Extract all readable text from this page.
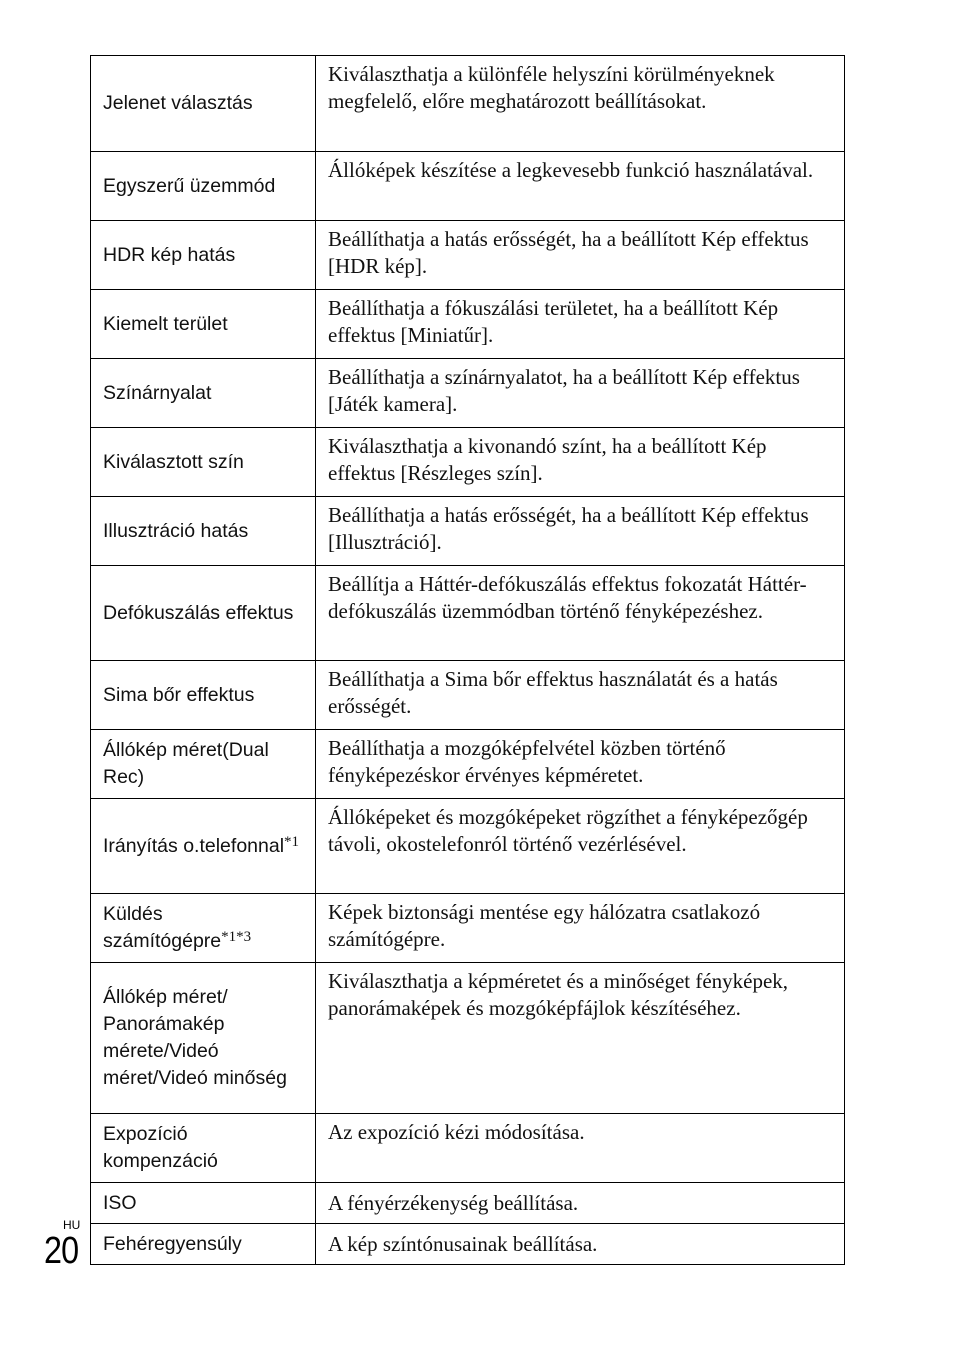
Jelenet választás	Kiválaszthatja a különféle helyszíni körülményeknek megfelelő, előre meghatározott beállításokat.
Egyszerű üzemmód	Állóképek készítése a legkevesebb funkció használatával.
HDR kép hatás	Beállíthatja a hatás erősségét, ha a beállított Kép effektus [HDR kép].
Kiemelt terület	Beállíthatja a fókuszálási területet, ha a beállított Kép effektus [Miniatűr].
Színárnyalat	Beállíthatja a színárnyalatot, ha a beállított Kép effektus [Játék kamera].
Kiválasztott szín	Kiválaszthatja a kivonandó színt, ha a beállított Kép effektus [Részleges szín].
Illusztráció hatás	Beállíthatja a hatás erősségét, ha a beállított Kép effektus [Illusztráció].
Defókuszálás effektus	Beállítja a Háttér-defókuszálás effektus fokozatát Háttér-defókuszálás üzemmódban történő fényképezéshez.
Sima bőr effektus	Beállíthatja a Sima bőr effektus használatát és a hatás erősségét.
Állókép méret(Dual Rec)	Beállíthatja a mozgóképfelvétel közben történő fényképezéskor érvényes képméretet.
Irányítás o.telefonnal$^{*1}$	Állóképeket és mozgóképeket rögzíthet a fényképezőgép távoli, okostelefonról történő vezérlésével.
Küldés számítógépre$^{*1*3}$	Képek biztonsági mentése egy hálózatra csatlakozó számítógépre.
Állókép méret/ Panorámakép mérete/Videó méret/Videó minőség	Kiválaszthatja a képméretet és a minőséget fényképek, panorámaképek és mozgóképfájlok készítéséhez.
Expozíció kompenzáció	Az expozíció kézi módosítása.
ISO	A fényérzékenység beállítása.
Fehéregyensúly	A kép színtónusainak beállítása.
HU
20
